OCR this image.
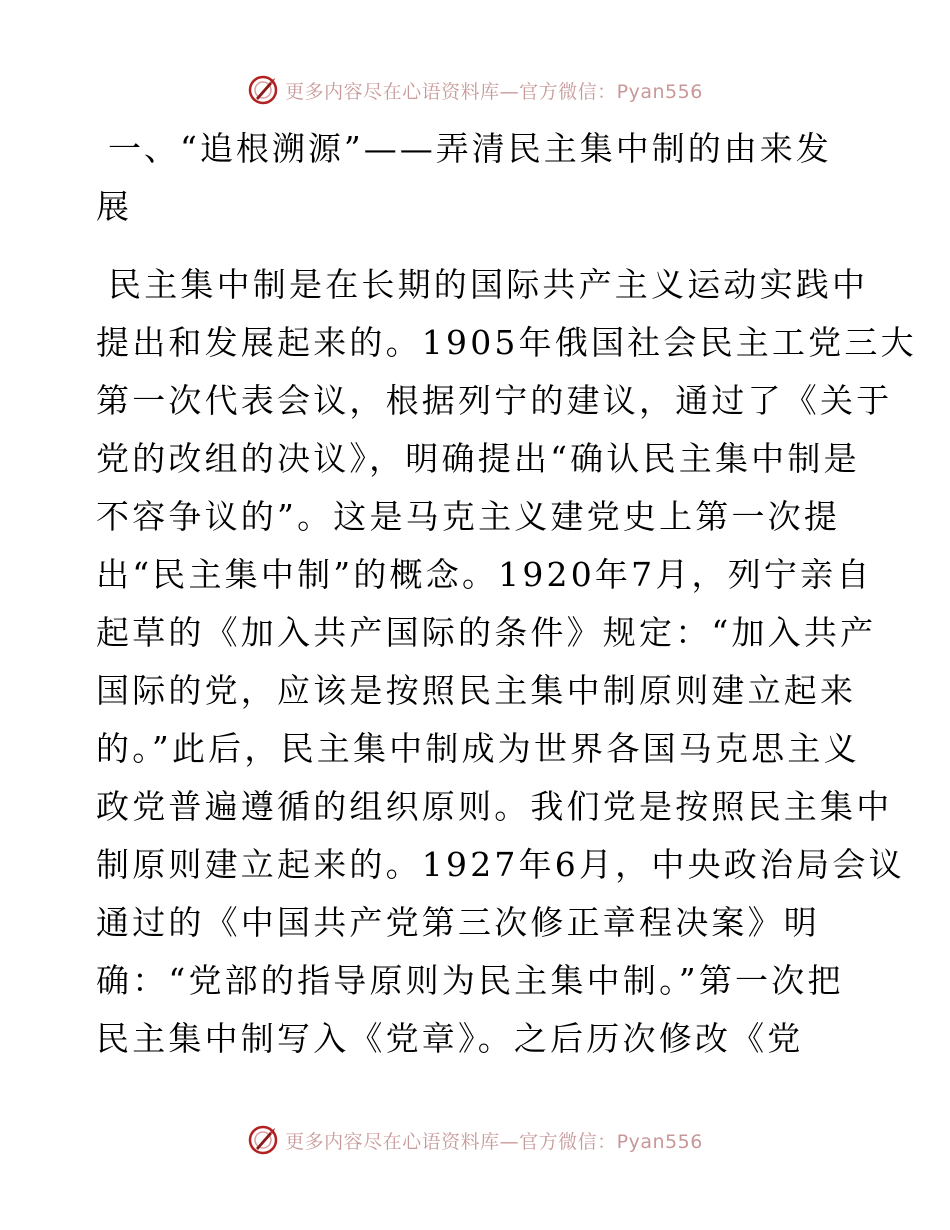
更多内容尽在心语资料库—官方微信：Pyan556
一、“追根溯源”——弄清民主集中制的由来发
展

民主集中制是在长期的国际共产主义运动实践中
提出和发展起来的。1905年俄国社会民主工党三大
第一次代表会议，根据列宁的建议，通过了《关于
党的改组的决议》，明确提出“确认民主集中制是
不容争议的”。这是马克主义建党史上第一次提
出“民主集中制”的概念。1920年7月，列宁亲自
起草的《加入共产国际的条件》规定：“加入共产
国际的党，应该是按照民主集中制原则建立起来
的。”此后，民主集中制成为世界各国马克思主义
政党普遍遵循的组织原则。我们党是按照民主集中
制原则建立起来的。1927年6月，中央政治局会议
通过的《中国共产党第三次修正章程决案》明
确：“党部的指导原则为民主集中制。”第一次把
民主集中制写入《党章》。之后历次修改《党

更多内容尽在心语资料库—官方微信：Pyan556
